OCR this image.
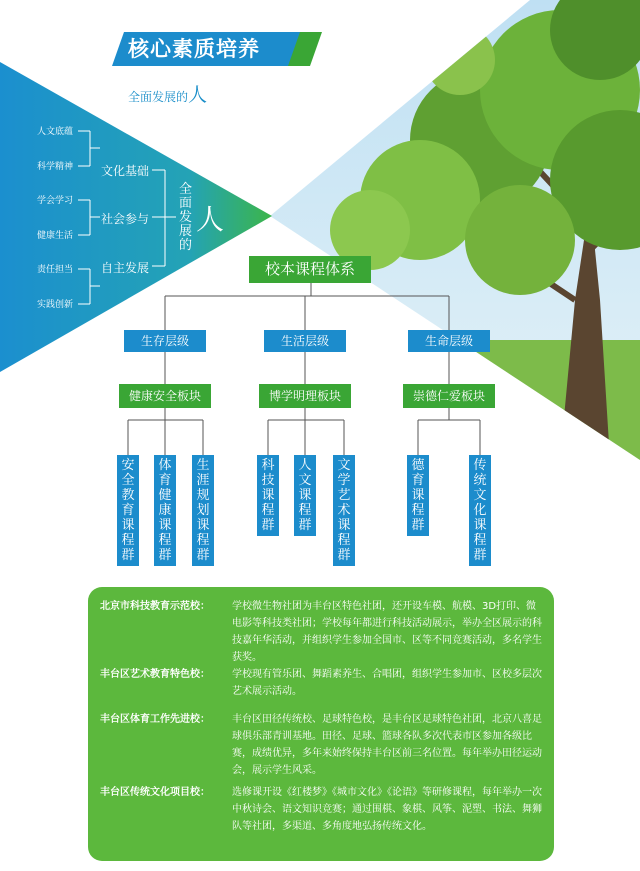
核心素质培养
全面发展的人
人文底蕴
科学精神
学会学习
健康生活
责任担当
实践创新
文化基础
社会参与
自主发展
全面发展的
人
校本课程体系
生存层级	生活层级	生命层级
健康安全板块	博学明理板块	崇德仁爱板块
安全教育课程群
体育健康课程群
生涯规划课程群
科技课程群
人文课程群
文学艺术课程群
德育课程群
传统文化课程群
北京市科技教育示范校： 学校微生物社团为丰台区特色社团，还开设车模、航模、3D打印、微电影等科技类社团；学校每年都进行科技活动展示，举办全区展示的科技嘉年华活动，并组织学生参加全国市、区等不同竞赛活动，多名学生获奖。
丰台区艺术教育特色校： 学校现有管乐团、舞蹈素养生、合唱团，组织学生参加市、区校多层次艺术展示活动。
丰台区体育工作先进校： 丰台区田径传统校、足球特色校，是丰台区足球特色社团，北京八喜足球俱乐部青训基地。田径、足球、篮球各队多次代表市区参加各级比赛，成绩优异，多年来始终保持丰台区前三名位置。每年举办田径运动会，展示学生风采。
丰台区传统文化项目校： 选修课开设《红楼梦》《城市文化》《论语》等研修课程，每年举办一次中秋诗会、语文知识竞赛；通过围棋、象棋、风筝、泥塑、书法、舞狮队等社团，多渠道、多角度地弘扬传统文化。
